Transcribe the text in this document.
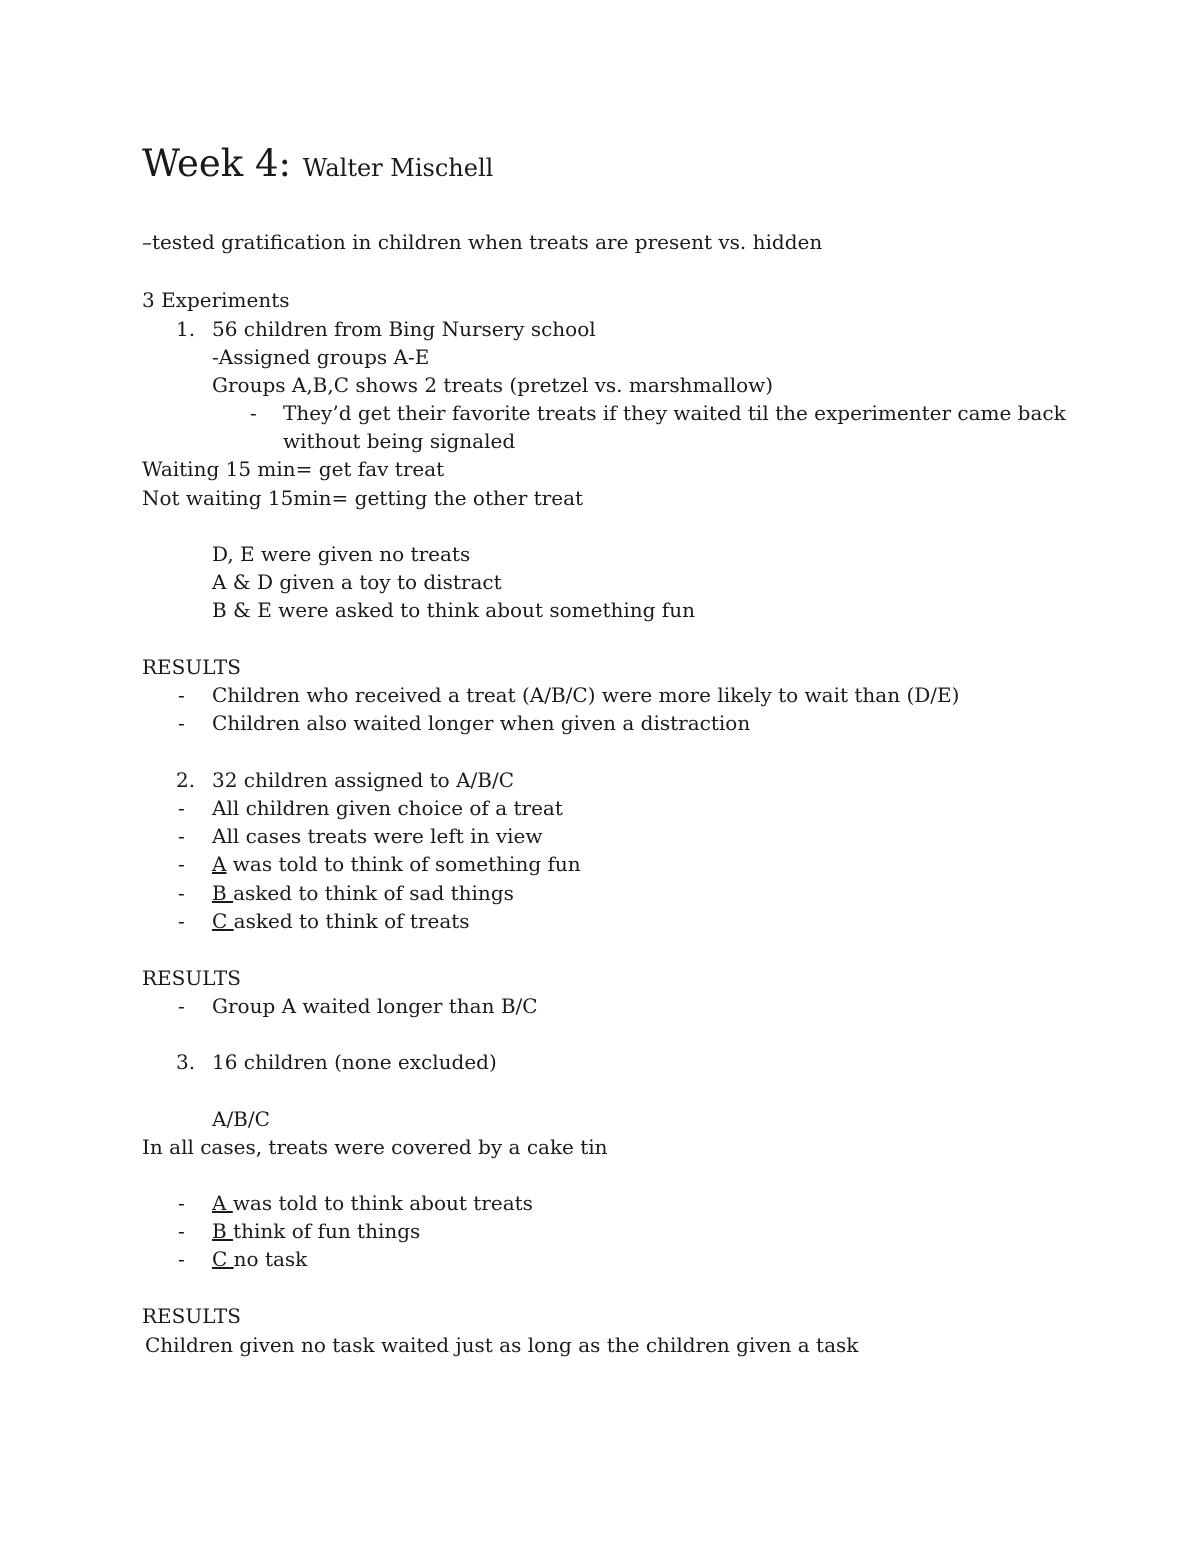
Week 4: Walter Mischell
–tested gratification in children when treats are present vs. hidden
3 Experiments
1. 56 children from Bing Nursery school
-Assigned groups A-E
Groups A,B,C shows 2 treats (pretzel vs. marshmallow)
- They’d get their favorite treats if they waited til the experimenter came back
without being signaled
Waiting 15 min= get fav treat
Not waiting 15min= getting the other treat
D, E were given no treats
A & D given a toy to distract
B & E were asked to think about something fun
RESULTS
- Children who received a treat (A/B/C) were more likely to wait than (D/E)
- Children also waited longer when given a distraction
2. 32 children assigned to A/B/C
- All children given choice of a treat
- All cases treats were left in view
- A was told to think of something fun
- B asked to think of sad things
- C asked to think of treats
RESULTS
- Group A waited longer than B/C
3. 16 children (none excluded)
A/B/C
In all cases, treats were covered by a cake tin
- A was told to think about treats
- B think of fun things
- C no task
RESULTS
Children given no task waited just as long as the children given a task
